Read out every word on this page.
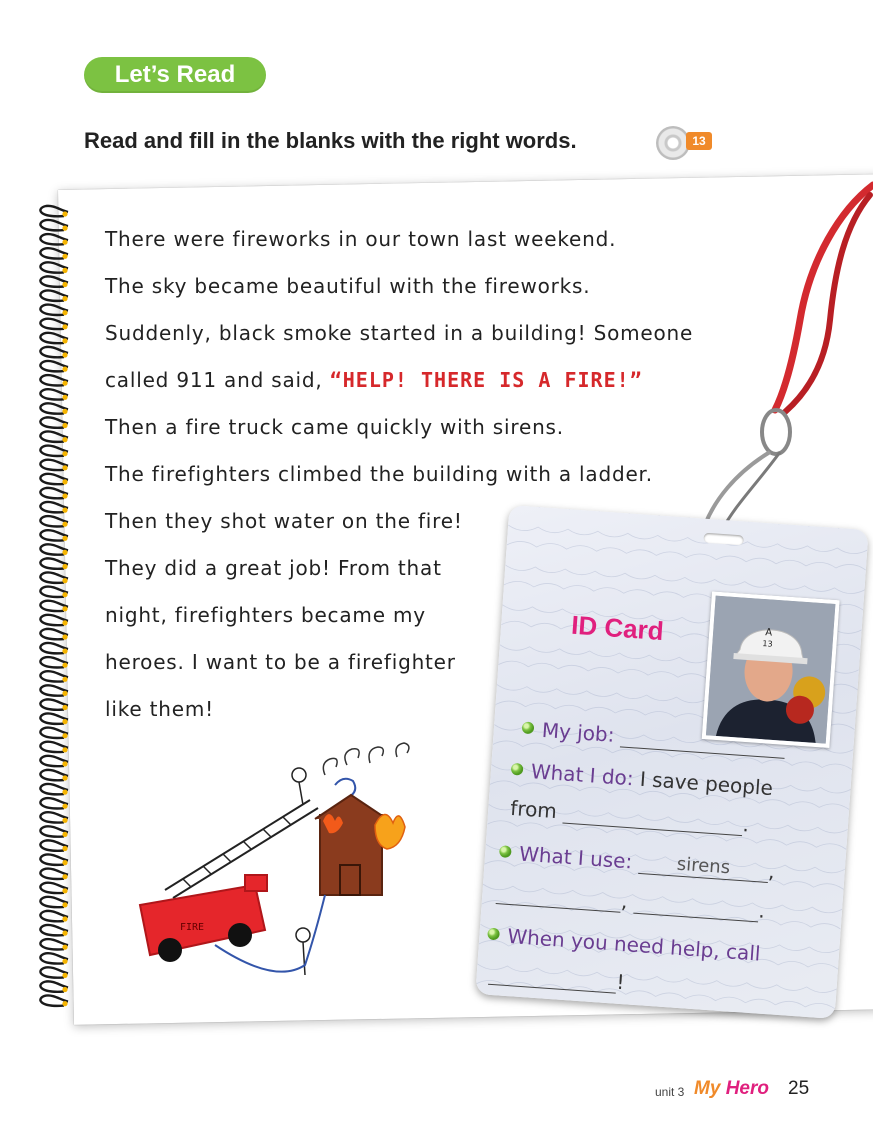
Let’s Read
Read and fill in the blanks with the right words.	13
There were fireworks in our town last weekend.
The sky became beautiful with the fireworks.
Suddenly, black smoke started in a building! Someone
called 911 and said, “HELP! THERE IS A FIRE!”
Then a fire truck came quickly with sirens.
The firefighters climbed the building with a ladder.
Then they shot water on the fire!
They did a great job! From that
night, firefighters became my
heroes. I want to be a firefighter
like them!
FIRE
ID Card	A
13
My job:
What I do: I save people
from .
What I use: sirens ,
,	.
When you need help, call
!
unit 3 My Hero 25
